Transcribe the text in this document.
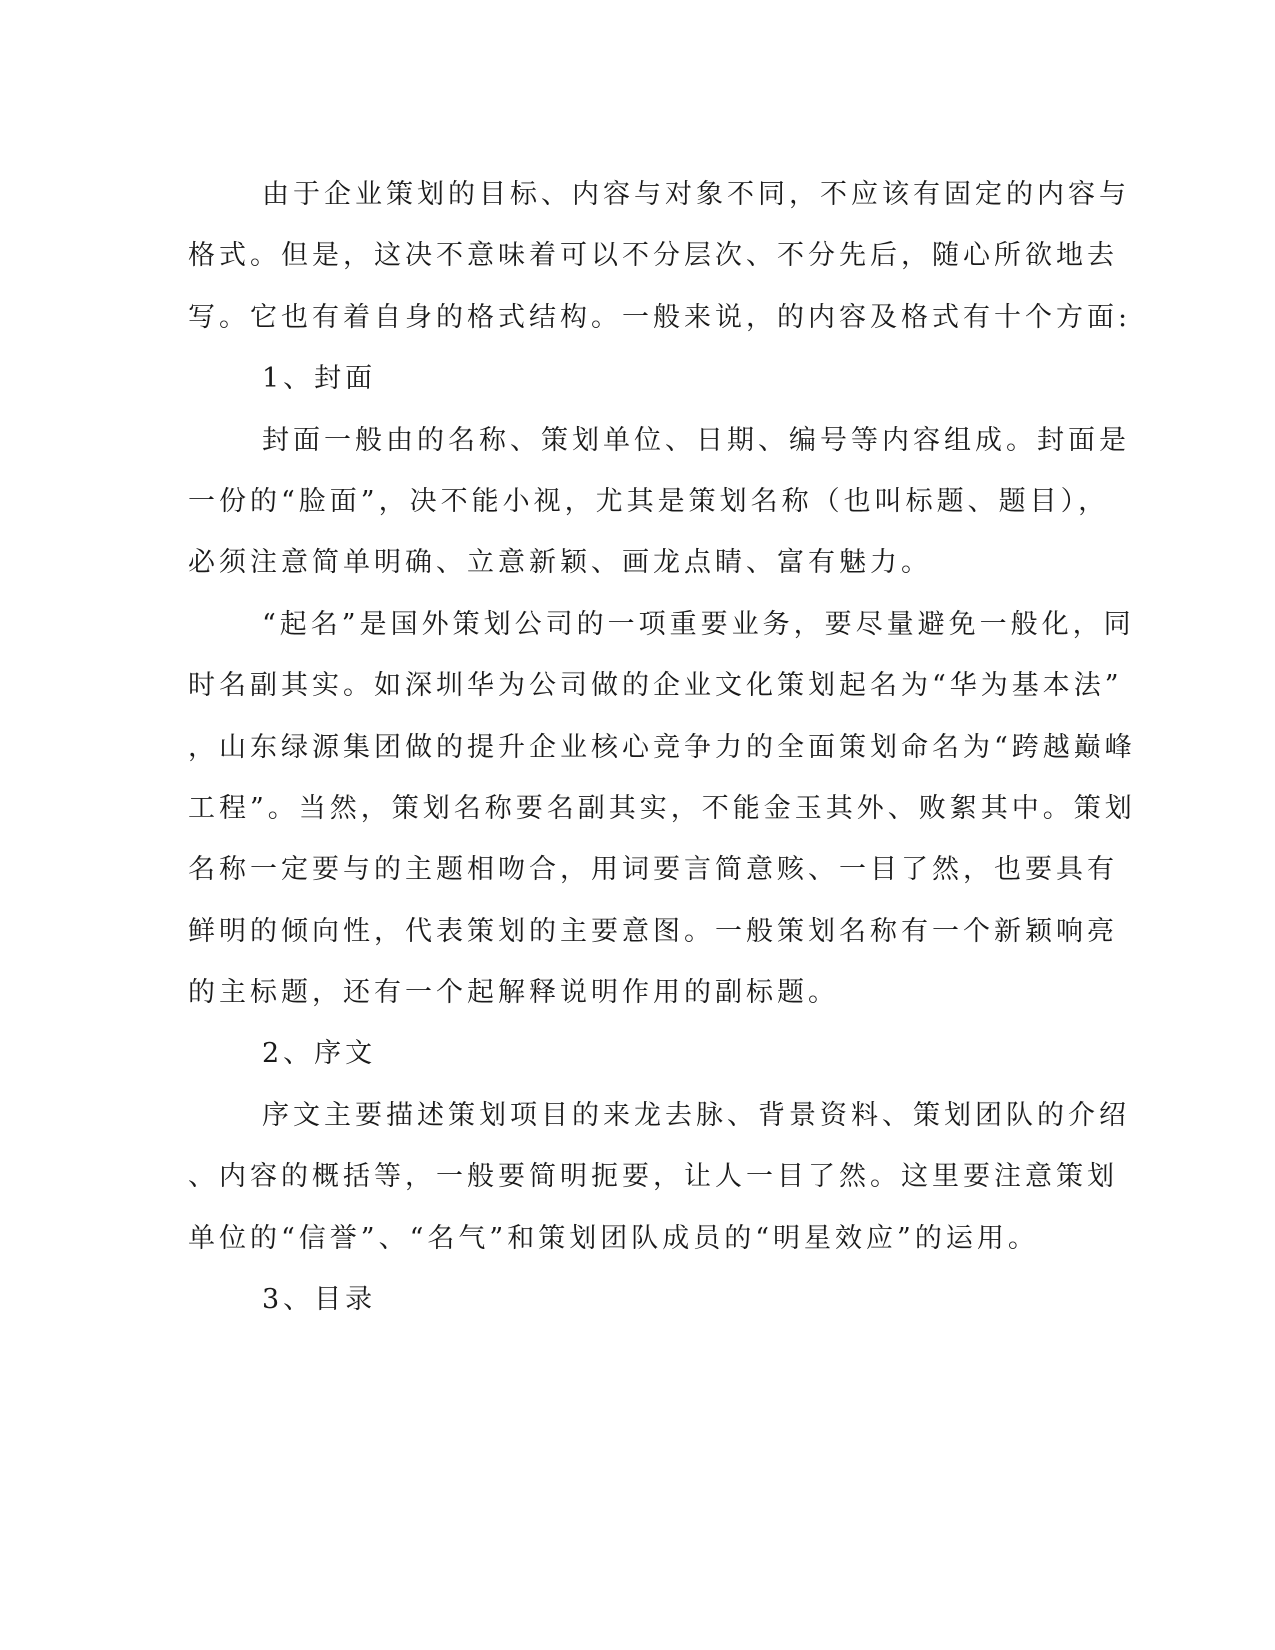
由于企业策划的目标、内容与对象不同，不应该有固定的内容与
格式。但是，这决不意味着可以不分层次、不分先后，随心所欲地去
写。它也有着自身的格式结构。一般来说，的内容及格式有十个方面:
1、封面
封面一般由的名称、策划单位、日期、编号等内容组成。封面是
一份的“脸面”，决不能小视，尤其是策划名称（也叫标题、题目），
必须注意简单明确、立意新颖、画龙点睛、富有魅力。
“起名”是国外策划公司的一项重要业务，要尽量避免一般化，同
时名副其实。如深圳华为公司做的企业文化策划起名为“华为基本法”
，山东绿源集团做的提升企业核心竞争力的全面策划命名为“跨越巅峰
工程”。当然，策划名称要名副其实，不能金玉其外、败絮其中。策划
名称一定要与的主题相吻合，用词要言简意赅、一目了然，也要具有
鲜明的倾向性，代表策划的主要意图。一般策划名称有一个新颖响亮
的主标题，还有一个起解释说明作用的副标题。
2、序文
序文主要描述策划项目的来龙去脉、背景资料、策划团队的介绍
、内容的概括等，一般要简明扼要，让人一目了然。这里要注意策划
单位的“信誉”、“名气”和策划团队成员的“明星效应”的运用。
3、目录
